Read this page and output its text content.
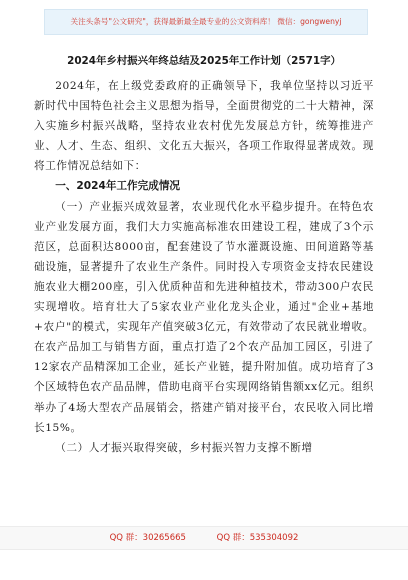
关注头条号"公文研究"，获得最新最全最专业的公文资料库！ 微信：gongwenyj
2024年乡村振兴年终总结及2025年工作计划（2571字）

2024年，在上级党委政府的正确领导下，我单位坚持以习近平新时代中国特色社会主义思想为指导，全面贯彻党的二十大精神，深入实施乡村振兴战略，坚持农业农村优先发展总方针，统筹推进产业、人才、生态、组织、文化五大振兴，各项工作取得显著成效。现将工作情况总结如下：

一、2024年工作完成情况

（一）产业振兴成效显著，农业现代化水平稳步提升。在特色农业产业发展方面，我们大力实施高标准农田建设工程，建成了3个示范区，总面积达8000亩，配套建设了节水灌溉设施、田间道路等基础设施，显著提升了农业生产条件。同时投入专项资金支持农民建设施农业大棚200座，引入优质种苗和先进种植技术，带动300户农民实现增收。培育壮大了5家农业产业化龙头企业，通过"企业+基地+农户"的模式，实现年产值突破3亿元，有效带动了农民就业增收。在农产品加工与销售方面，重点打造了2个农产品加工园区，引进了12家农产品精深加工企业，延长产业链，提升附加值。成功培育了3个区域特色农产品品牌，借助电商平台实现网络销售额xx亿元。组织举办了4场大型农产品展销会，搭建产销对接平台，农民收入同比增长15%。

（二）人才振兴取得突破，乡村振兴智力支撑不断增

QQ 群：30265665	QQ 群：535304092
